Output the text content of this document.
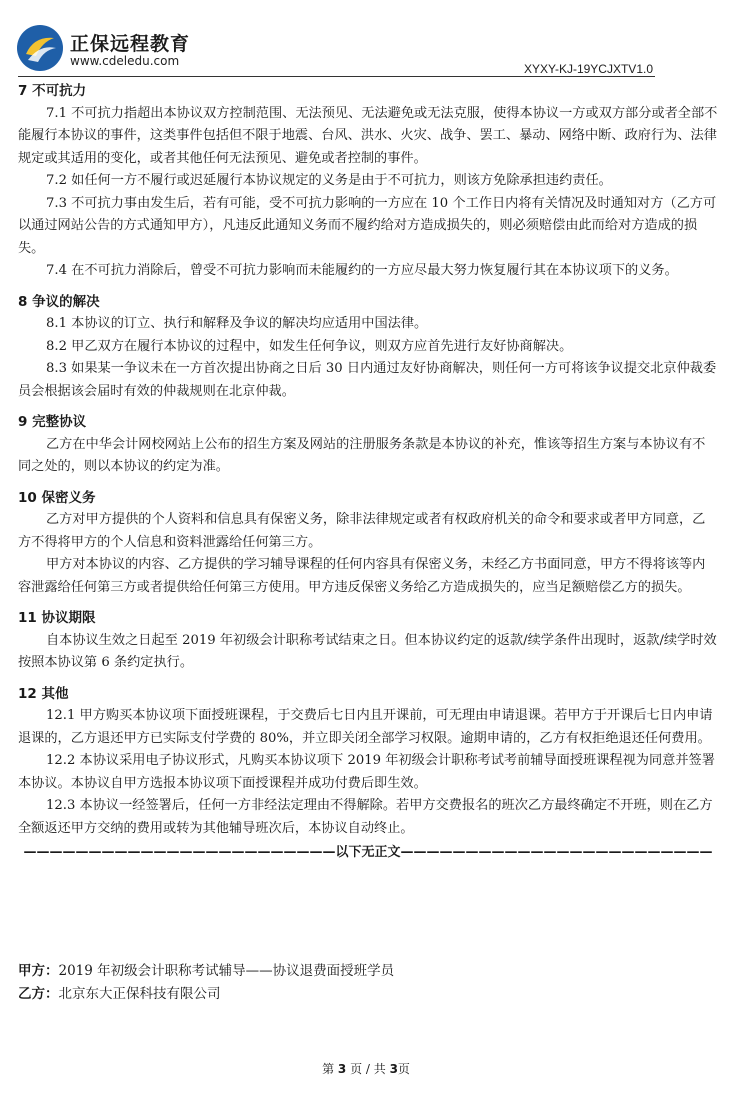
正保远程教育
www.cdeledu.com
XYXY-KJ-19YCJXTV1.0
7 不可抗力

7.1 不可抗力指超出本协议双方控制范围、无法预见、无法避免或无法克服，使得本协议一方或双方部分或者全部不能履行本协议的事件，这类事件包括但不限于地震、台风、洪水、火灾、战争、罢工、暴动、网络中断、政府行为、法律规定或其适用的变化，或者其他任何无法预见、避免或者控制的事件。

7.2 如任何一方不履行或迟延履行本协议规定的义务是由于不可抗力，则该方免除承担违约责任。

7.3 不可抗力事由发生后，若有可能，受不可抗力影响的一方应在 10 个工作日内将有关情况及时通知对方（乙方可以通过网站公告的方式通知甲方），凡违反此通知义务而不履约给对方造成损失的，则必须赔偿由此而给对方造成的损失。

7.4 在不可抗力消除后，曾受不可抗力影响而未能履约的一方应尽最大努力恢复履行其在本协议项下的义务。

8 争议的解决

8.1 本协议的订立、执行和解释及争议的解决均应适用中国法律。

8.2 甲乙双方在履行本协议的过程中，如发生任何争议，则双方应首先进行友好协商解决。

8.3 如果某一争议未在一方首次提出协商之日后 30 日内通过友好协商解决，则任何一方可将该争议提交北京仲裁委员会根据该会届时有效的仲裁规则在北京仲裁。

9 完整协议

乙方在中华会计网校网站上公布的招生方案及网站的注册服务条款是本协议的补充，惟该等招生方案与本协议有不同之处的，则以本协议的约定为准。

10 保密义务

乙方对甲方提供的个人资料和信息具有保密义务，除非法律规定或者有权政府机关的命令和要求或者甲方同意，乙方不得将甲方的个人信息和资料泄露给任何第三方。

甲方对本协议的内容、乙方提供的学习辅导课程的任何内容具有保密义务，未经乙方书面同意，甲方不得将该等内容泄露给任何第三方或者提供给任何第三方使用。甲方违反保密义务给乙方造成损失的，应当足额赔偿乙方的损失。

11 协议期限

自本协议生效之日起至 2019 年初级会计职称考试结束之日。但本协议约定的返款/续学条件出现时，返款/续学时效按照本协议第 6 条约定执行。

12 其他

12.1 甲方购买本协议项下面授班课程，于交费后七日内且开课前，可无理由申请退课。若甲方于开课后七日内申请退课的，乙方退还甲方已实际支付学费的 80%，并立即关闭全部学习权限。逾期申请的，乙方有权拒绝退还任何费用。

12.2 本协议采用电子协议形式，凡购买本协议项下 2019 年初级会计职称考试考前辅导面授班课程视为同意并签署本协议。本协议自甲方选报本协议项下面授课程并成功付费后即生效。

12.3 本协议一经签署后，任何一方非经法定理由不得解除。若甲方交费报名的班次乙方最终确定不开班，则在乙方全额返还甲方交纳的费用或转为其他辅导班次后，本协议自动终止。

————————————————————————以下无正文————————————————————————
甲方：2019 年初级会计职称考试辅导——协议退费面授班学员
乙方：北京东大正保科技有限公司
第 3 页 / 共 3页
